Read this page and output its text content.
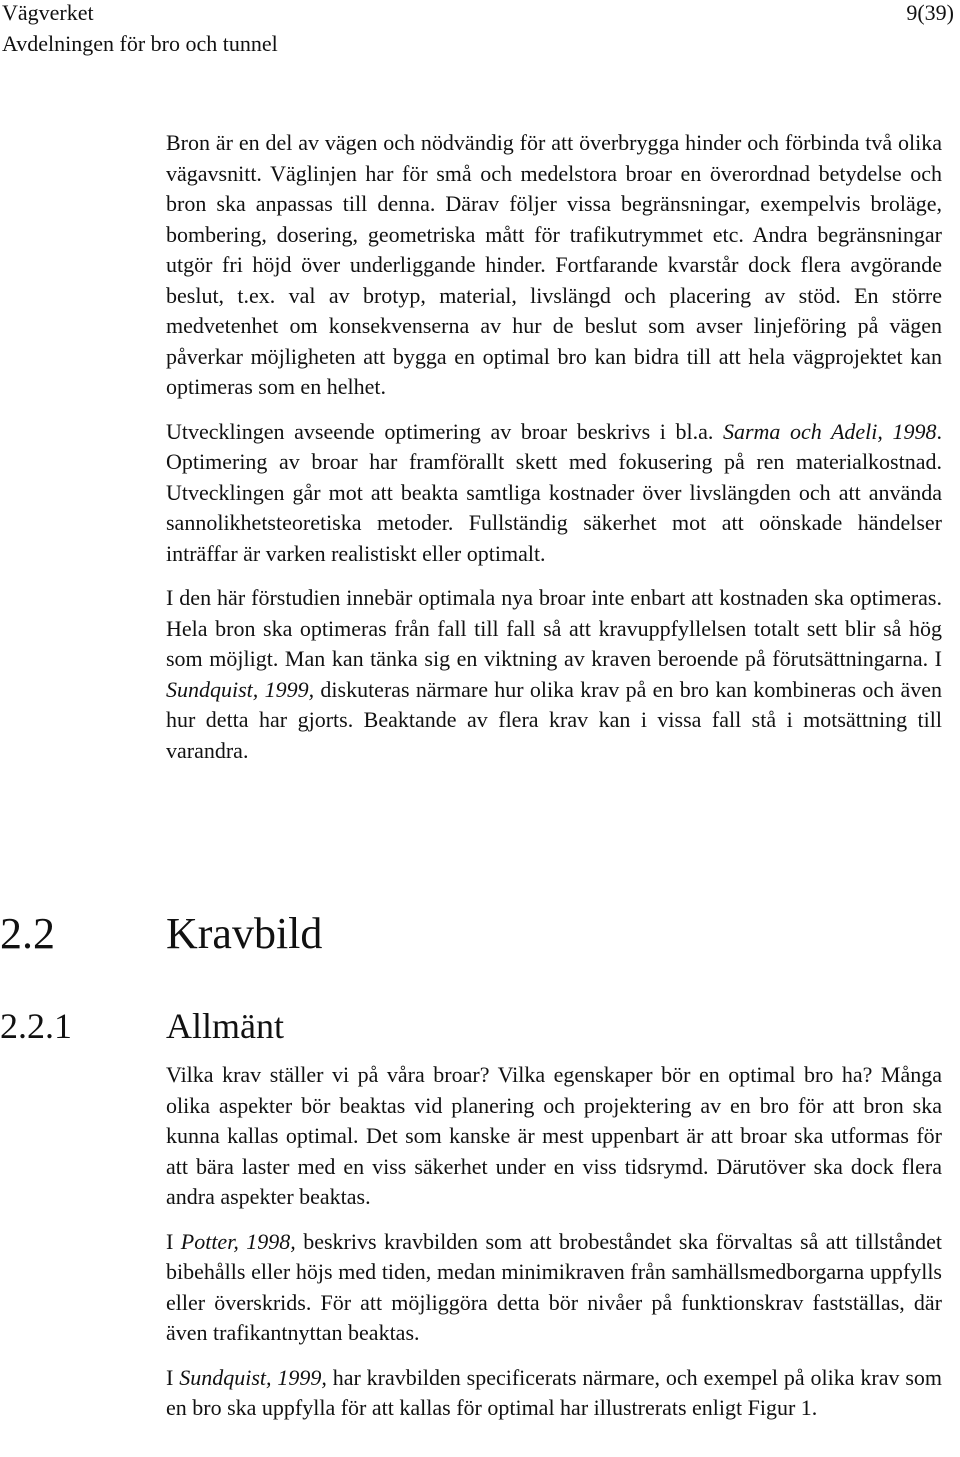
Vägverket
Avdelningen för bro och tunnel
9(39)

Bron är en del av vägen och nödvändig för att överbrygga hinder och förbinda två olika vägavsnitt. Väglinjen har för små och medelstora broar en överordnad betydelse och bron ska anpassas till denna. Därav följer vissa begränsningar, exempelvis broläge, bombering, dosering, geometriska mått för trafikutrymmet etc. Andra begränsningar utgör fri höjd över underliggande hinder. Fortfarande kvarstår dock flera avgörande beslut, t.ex. val av brotyp, material, livslängd och placering av stöd. En större medvetenhet om konsekvenserna av hur de beslut som avser linjeföring på vägen påverkar möjligheten att bygga en optimal bro kan bidra till att hela vägprojektet kan optimeras som en helhet.

Utvecklingen avseende optimering av broar beskrivs i bl.a. Sarma och Adeli, 1998. Optimering av broar har framförallt skett med fokusering på ren materialkostnad. Utvecklingen går mot att beakta samtliga kostnader över livslängden och att använda sannolikhetsteoretiska metoder. Fullständig säkerhet mot att oönskade händelser inträffar är varken realistiskt eller optimalt.

I den här förstudien innebär optimala nya broar inte enbart att kostnaden ska optimeras. Hela bron ska optimeras från fall till fall så att kravuppfyllelsen totalt sett blir så hög som möjligt. Man kan tänka sig en viktning av kraven beroende på förutsättningarna. I Sundquist, 1999, diskuteras närmare hur olika krav på en bro kan kombineras och även hur detta har gjorts. Beaktande av flera krav kan i vissa fall stå i motsättning till varandra.

2.2	Kravbild
2.2.1	Allmänt

Vilka krav ställer vi på våra broar? Vilka egenskaper bör en optimal bro ha? Många olika aspekter bör beaktas vid planering och projektering av en bro för att bron ska kunna kallas optimal. Det som kanske är mest uppenbart är att broar ska utformas för att bära laster med en viss säkerhet under en viss tidsrymd. Därutöver ska dock flera andra aspekter beaktas.

I Potter, 1998, beskrivs kravbilden som att brobeståndet ska förvaltas så att tillståndet bibehålls eller höjs med tiden, medan minimikraven från samhällsmedborgarna uppfylls eller överskrids. För att möjliggöra detta bör nivåer på funktionskrav fastställas, där även trafikantnyttan beaktas.

I Sundquist, 1999, har kravbilden specificerats närmare, och exempel på olika krav som en bro ska uppfylla för att kallas för optimal har illustrerats enligt Figur 1.
